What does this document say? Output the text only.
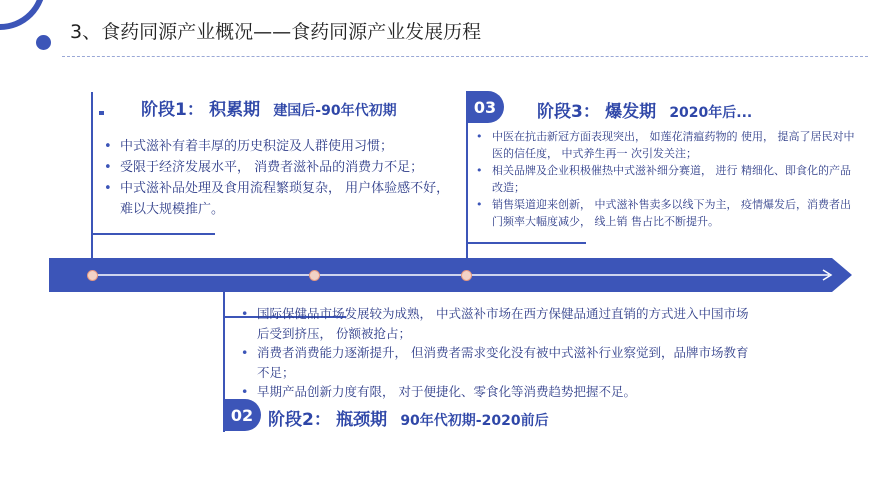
3、食药同源产业概况——食药同源产业发展历程
阶段1： 积累期 建国后-90年代初期
• 中式滋补有着丰厚的历史积淀及人群使用习惯；
• 受限于经济发展水平， 消费者滋补品的消费力不足；
• 中式滋补品处理及食用流程繁琐复杂， 用户体验感不好， 难以大规模推广。
03	阶段3： 爆发期 2020年后...
• 中医在抗击新冠方面表现突出， 如莲花清瘟药物的 使用， 提高了居民对中医的信任度， 中式养生再一 次引发关注；
• 相关品牌及企业积极催热中式滋补细分赛道， 进行 精细化、即食化的产品改造；
• 销售渠道迎来创新， 中式滋补售卖多以线下为主， 疫情爆发后，消费者出门频率大幅度减少， 线上销 售占比不断提升。
02
• 国际保健品市场发展较为成熟， 中式滋补市场在西方保健品通过直销的方式进入中国市场后受到挤压， 份额被抢占；
• 消费者消费能力逐渐提升， 但消费者需求变化没有被中式滋补行业察觉到，品牌市场教育不足；
• 早期产品创新力度有限， 对于便捷化、零食化等消费趋势把握不足。
阶段2： 瓶颈期 90年代初期-2020前后
